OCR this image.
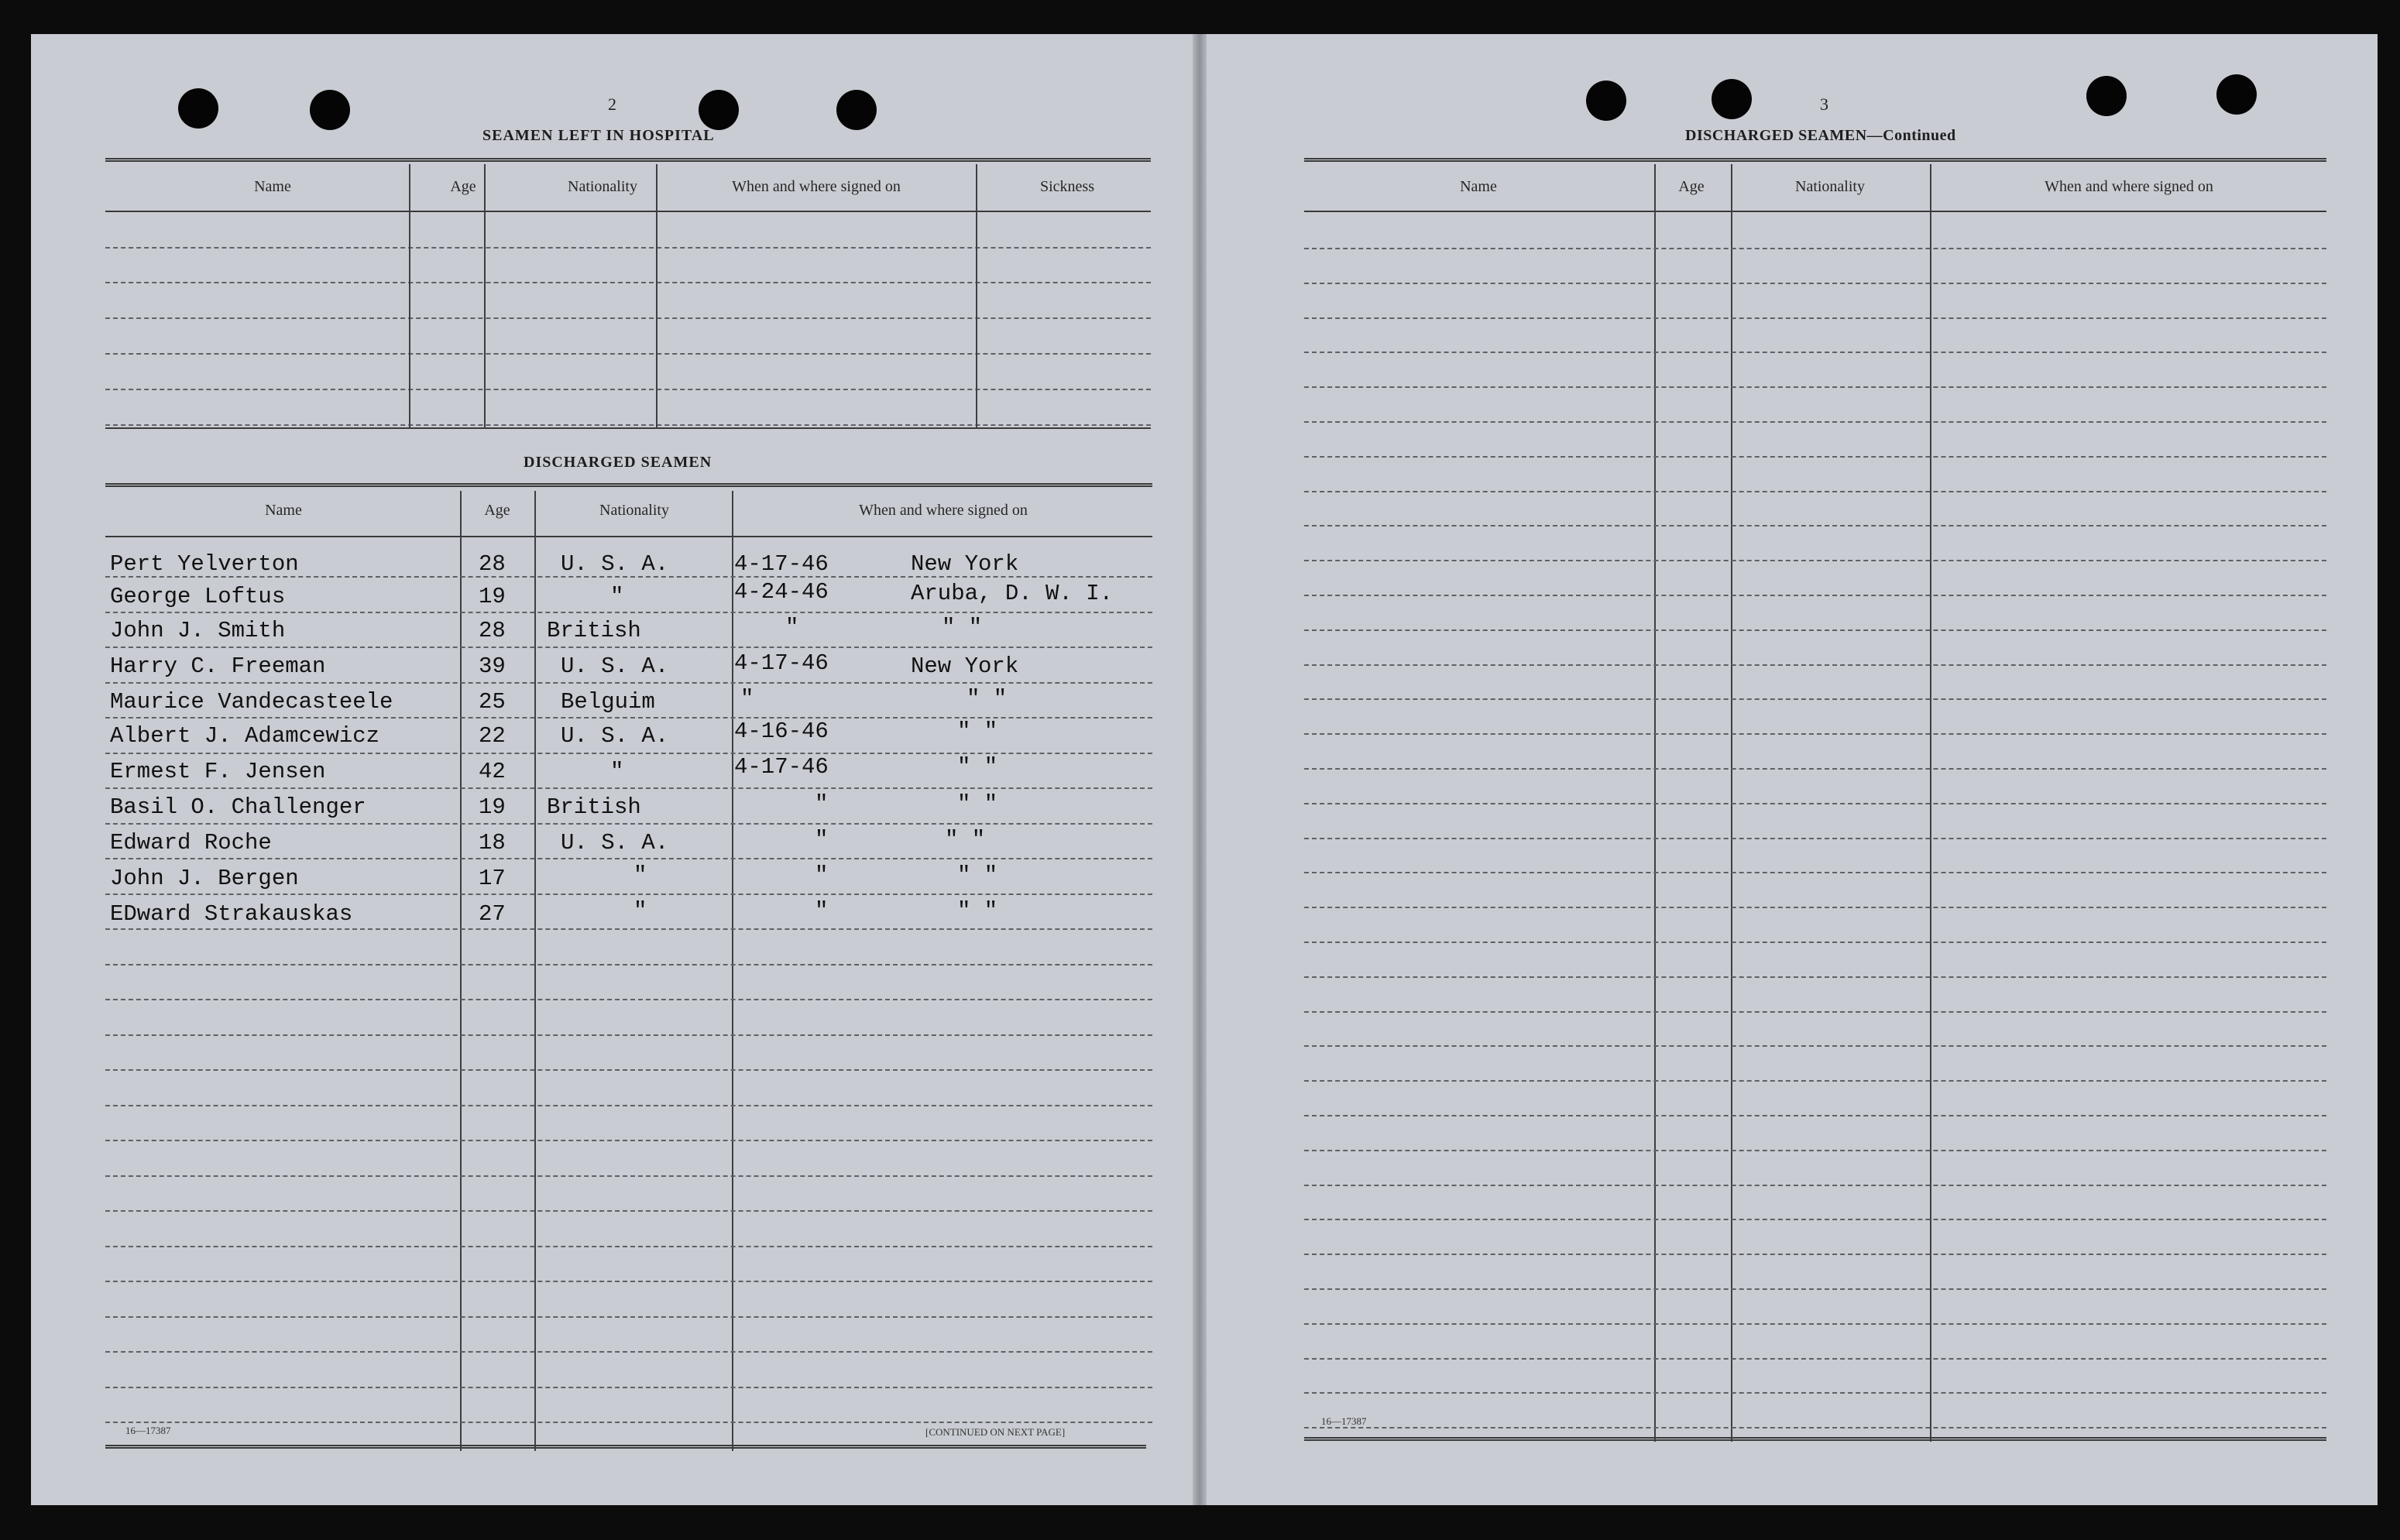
2
SEAMEN LEFT IN HOSPITAL
Name	Age	Nationality	When and where signed on	Sickness
DISCHARGED SEAMEN
Name	Age	Nationality	When and where signed on
Pert Yelverton	28 U. S. A.	4-17-46	New York
George Loftus	19	"	4-24-46	Aruba, D. W. I.
John J. Smith	28 British	"	" "
Harry C. Freeman	39 U. S. A.	4-17-46	New York
Maurice Vandecasteele	25 Belguim	"	" "
Albert J. Adamcewicz	22 U. S. A.	4-16-46	" "
Ermest F. Jensen	42	"	4-17-46	" "
Basil O. Challenger	19 British	"	" "
Edward Roche	18 U. S. A.	"	" "
John J. Bergen	17	"	"	" "
EDward Strakauskas	27	"	"	" "
16—17387	[CONTINUED ON NEXT PAGE]
3
DISCHARGED SEAMEN—Continued
Name	Age	Nationality	When and where signed on
16—17387
